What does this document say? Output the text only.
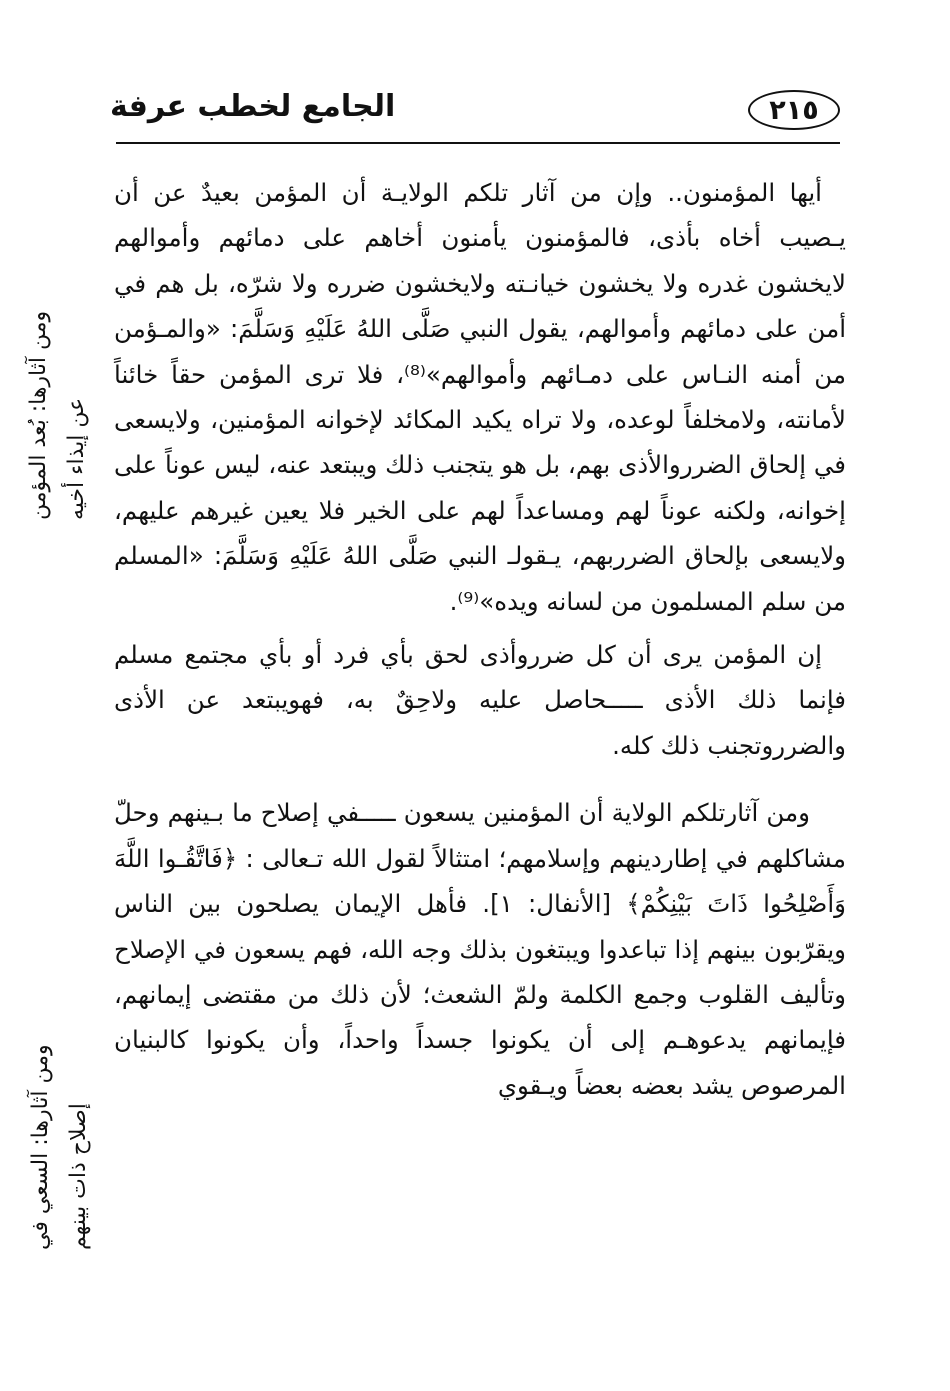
٢١٥
الجامع لخطب عرفة
ومن آثارها: بُعد المؤمن عن إيذاء أخيه
ومن آثارها: السعي في إصلاح ذات بينهم

أيها المؤمنون.. وإن من آثار تلكم الولايـة أن المؤمن بعيدٌ عن أن يـصيب أخاه بأذى، فالمؤمنون يأمنون أخاهم على دمائهم وأموالهم لايخشون غدره ولا يخشون خيانـته ولايخشون ضرره ولا شرّه، بل هم في أمن على دمائهم وأموالهم، يقول النبي صَلَّى اللهُ عَلَيْهِ وَسَلَّمَ: «والمـؤمن من أمنه النـاس على دمـائهم وأموالهم»⁽⁸⁾، فلا ترى المؤمن حقاً خائناً لأمانته، ولامخلفاً لوعده، ولا تراه يكيد المكائد لإخوانه المؤمنين، ولايسعى في إلحاق الضرروالأذى بهم، بل هو يتجنب ذلك ويبتعد عنه، ليس عوناً على إخوانه، ولكنه عوناً لهم ومساعداً لهم على الخير فلا يعين غيرهم عليهم، ولايسعى بإلحاق الضرربهم، يـقولـ النبي صَلَّى اللهُ عَلَيْهِ وَسَلَّمَ: «المسلم من سلم المسلمون من لسانه ويده»⁽⁹⁾.

إن المؤمن يرى أن كل ضرروأذى لحق بأي فرد أو بأي مجتمع مسلم فإنما ذلك الأذى ـــــحاصل عليه ولاحِقٌ به، فهويبتعد عن الأذى والضرروتجنب ذلك كله.

ومن آثارتلكم الولاية أن المؤمنين يسعون ـــــفي إصلاح ما بـينهم وحلّ مشاكلهم في إطاردينهم وإسلامهم؛ امتثالاً لقول الله تـعالى : ﴿فَاتَّقُـوا اللَّهَ وَأَصْلِحُوا ذَاتَ بَيْنِكُمْ﴾ [الأنفال: ١]. فأهل الإيمان يصلحون بين الناس ويقرّبون بينهم إذا تباعدوا ويبتغون بذلك وجه الله، فهم يسعون في الإصلاح وتأليف القلوب وجمع الكلمة ولمّ الشعث؛ لأن ذلك من مقتضى إيمانهم، فإيمانهم يدعوهـم إلى أن يكونوا جسداً واحداً، وأن يكونوا كالبنيان المرصوص يشد بعضه بعضاً ويـقوي
